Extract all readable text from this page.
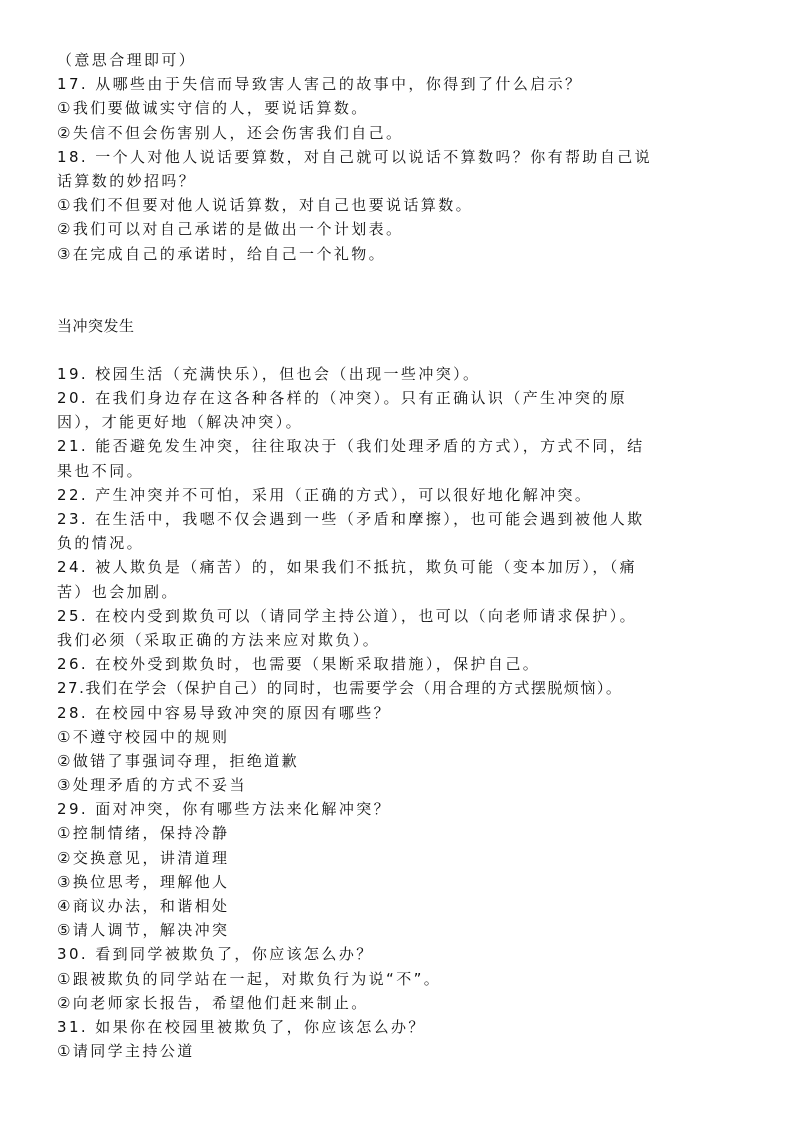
（意思合理即可）
17. 从哪些由于失信而导致害人害己的故事中，你得到了什么启示？
①我们要做诚实守信的人，要说话算数。
②失信不但会伤害别人，还会伤害我们自己。
18. 一个人对他人说话要算数，对自己就可以说话不算数吗？你有帮助自己说
话算数的妙招吗？
①我们不但要对他人说话算数，对自己也要说话算数。
②我们可以对自己承诺的是做出一个计划表。
③在完成自己的承诺时，给自己一个礼物。
当冲突发生
19. 校园生活（充满快乐），但也会（出现一些冲突）。
20. 在我们身边存在这各种各样的（冲突）。只有正确认识（产生冲突的原
因），才能更好地（解决冲突）。
21. 能否避免发生冲突，往往取决于（我们处理矛盾的方式），方式不同，结
果也不同。
22. 产生冲突并不可怕，采用（正确的方式），可以很好地化解冲突。
23. 在生活中，我嗯不仅会遇到一些（矛盾和摩擦），也可能会遇到被他人欺
负的情况。
24. 被人欺负是（痛苦）的，如果我们不抵抗，欺负可能（变本加厉），（痛
苦）也会加剧。
25. 在校内受到欺负可以（请同学主持公道），也可以（向老师请求保护）。
我们必须（采取正确的方法来应对欺负）。
26. 在校外受到欺负时，也需要（果断采取措施），保护自己。
27.我们在学会（保护自己）的同时，也需要学会（用合理的方式摆脱烦恼）。
28. 在校园中容易导致冲突的原因有哪些？
①不遵守校园中的规则
②做错了事强词夺理，拒绝道歉
③处理矛盾的方式不妥当
29. 面对冲突，你有哪些方法来化解冲突？
①控制情绪，保持冷静
②交换意见，讲清道理
③换位思考，理解他人
④商议办法，和谐相处
⑤请人调节，解决冲突
30. 看到同学被欺负了，你应该怎么办？
①跟被欺负的同学站在一起，对欺负行为说“不”。
②向老师家长报告，希望他们赶来制止。
31. 如果你在校园里被欺负了，你应该怎么办？
①请同学主持公道
